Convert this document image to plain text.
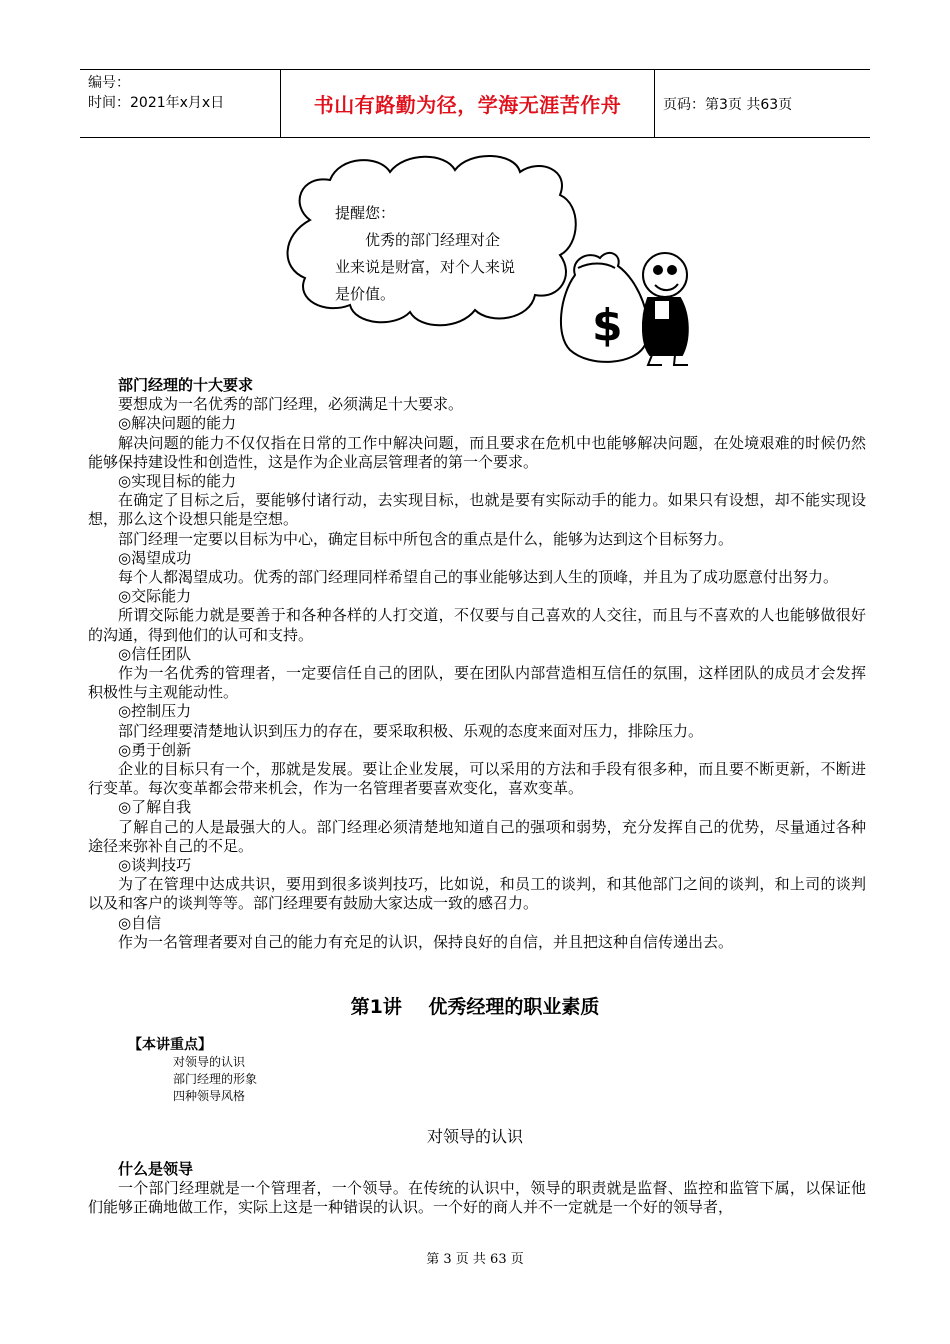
编号：
时间：2021年x月x日	书山有路勤为径，学海无涯苦作舟	页码：第3页 共63页
$
提醒您：
优秀的部门经理对企
业来说是财富，对个人来说
是价值。

部门经理的十大要求

要想成为一名优秀的部门经理，必须满足十大要求。

◎解决问题的能力

解决问题的能力不仅仅指在日常的工作中解决问题，而且要求在危机中也能够解决问题，在处境艰难的时候仍然能够保持建设性和创造性，这是作为企业高层管理者的第一个要求。

◎实现目标的能力

在确定了目标之后，要能够付诸行动，去实现目标，也就是要有实际动手的能力。如果只有设想，却不能实现设想，那么这个设想只能是空想。

部门经理一定要以目标为中心，确定目标中所包含的重点是什么，能够为达到这个目标努力。

◎渴望成功

每个人都渴望成功。优秀的部门经理同样希望自己的事业能够达到人生的顶峰，并且为了成功愿意付出努力。

◎交际能力

所谓交际能力就是要善于和各种各样的人打交道，不仅要与自己喜欢的人交往，而且与不喜欢的人也能够做很好的沟通，得到他们的认可和支持。

◎信任团队

作为一名优秀的管理者，一定要信任自己的团队，要在团队内部营造相互信任的氛围，这样团队的成员才会发挥积极性与主观能动性。

◎控制压力

部门经理要清楚地认识到压力的存在，要采取积极、乐观的态度来面对压力，排除压力。

◎勇于创新

企业的目标只有一个，那就是发展。要让企业发展，可以采用的方法和手段有很多种，而且要不断更新，不断进行变革。每次变革都会带来机会，作为一名管理者要喜欢变化，喜欢变革。

◎了解自我

了解自己的人是最强大的人。部门经理必须清楚地知道自己的强项和弱势，充分发挥自己的优势，尽量通过各种途径来弥补自己的不足。

◎谈判技巧

为了在管理中达成共识，要用到很多谈判技巧，比如说，和员工的谈判，和其他部门之间的谈判，和上司的谈判以及和客户的谈判等等。部门经理要有鼓励大家达成一致的感召力。

◎自信

作为一名管理者要对自己的能力有充足的认识，保持良好的自信，并且把这种自信传递出去。

第1讲    优秀经理的职业素质
【本讲重点】
对领导的认识
部门经理的形象
四种领导风格
对领导的认识

什么是领导

一个部门经理就是一个管理者，一个领导。在传统的认识中，领导的职责就是监督、监控和监管下属，以保证他们能够正确地做工作，实际上这是一种错误的认识。一个好的商人并不一定就是一个好的领导者，

第 3 页 共 63 页
